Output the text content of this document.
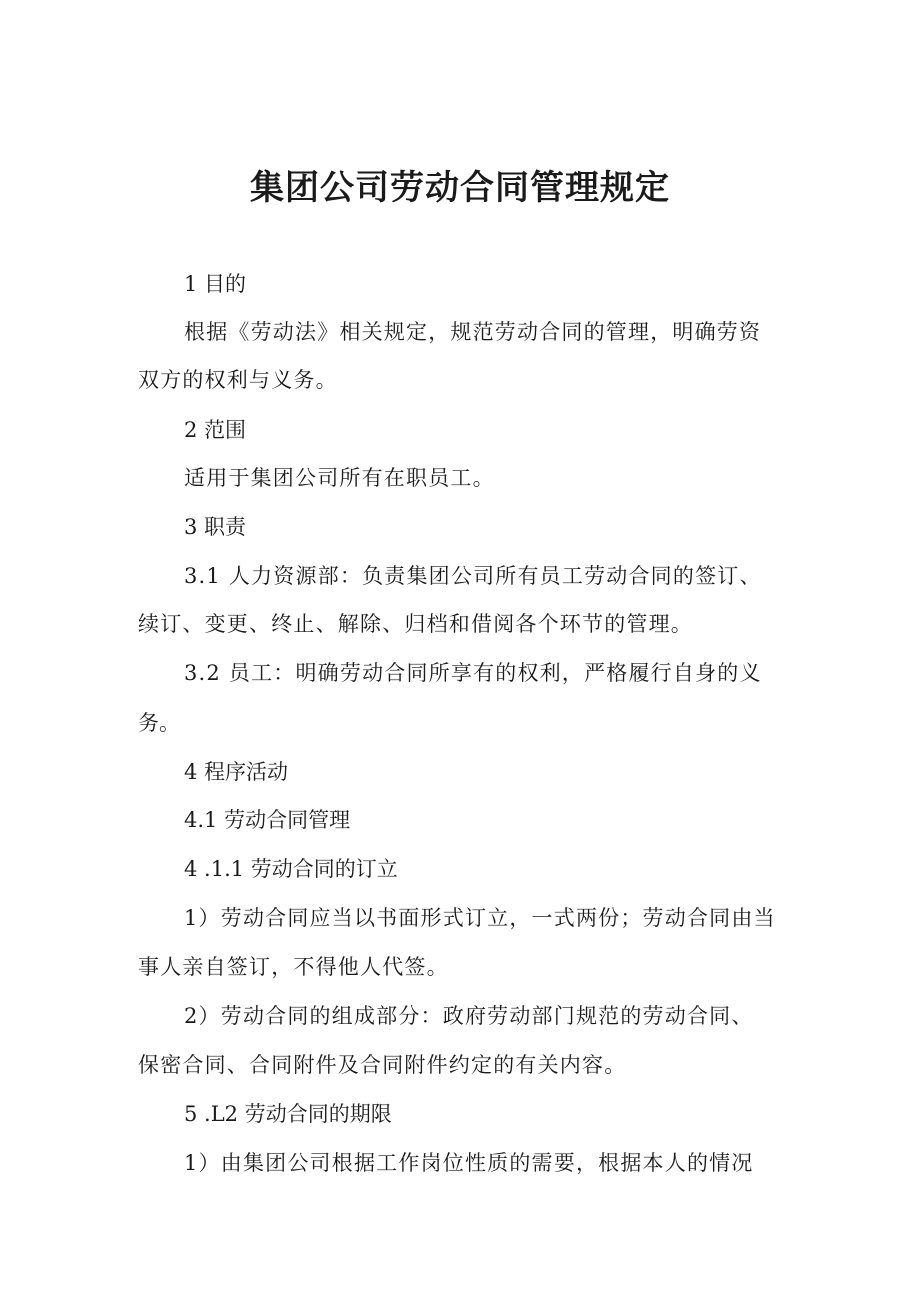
集团公司劳动合同管理规定

1 目的

根据《劳动法》相关规定，规范劳动合同的管理，明确劳资

双方的权利与义务。

2 范围

适用于集团公司所有在职员工。

3 职责

3.1 人力资源部：负责集团公司所有员工劳动合同的签订、

续订、变更、终止、解除、归档和借阅各个环节的管理。

3.2 员工：明确劳动合同所享有的权利，严格履行自身的义

务。

4 程序活动

4.1 劳动合同管理

4 .1.1 劳动合同的订立

1）劳动合同应当以书面形式订立，一式两份；劳动合同由当

事人亲自签订，不得他人代签。

2）劳动合同的组成部分：政府劳动部门规范的劳动合同、

保密合同、合同附件及合同附件约定的有关内容。

5 .L2 劳动合同的期限

1）由集团公司根据工作岗位性质的需要，根据本人的情况
